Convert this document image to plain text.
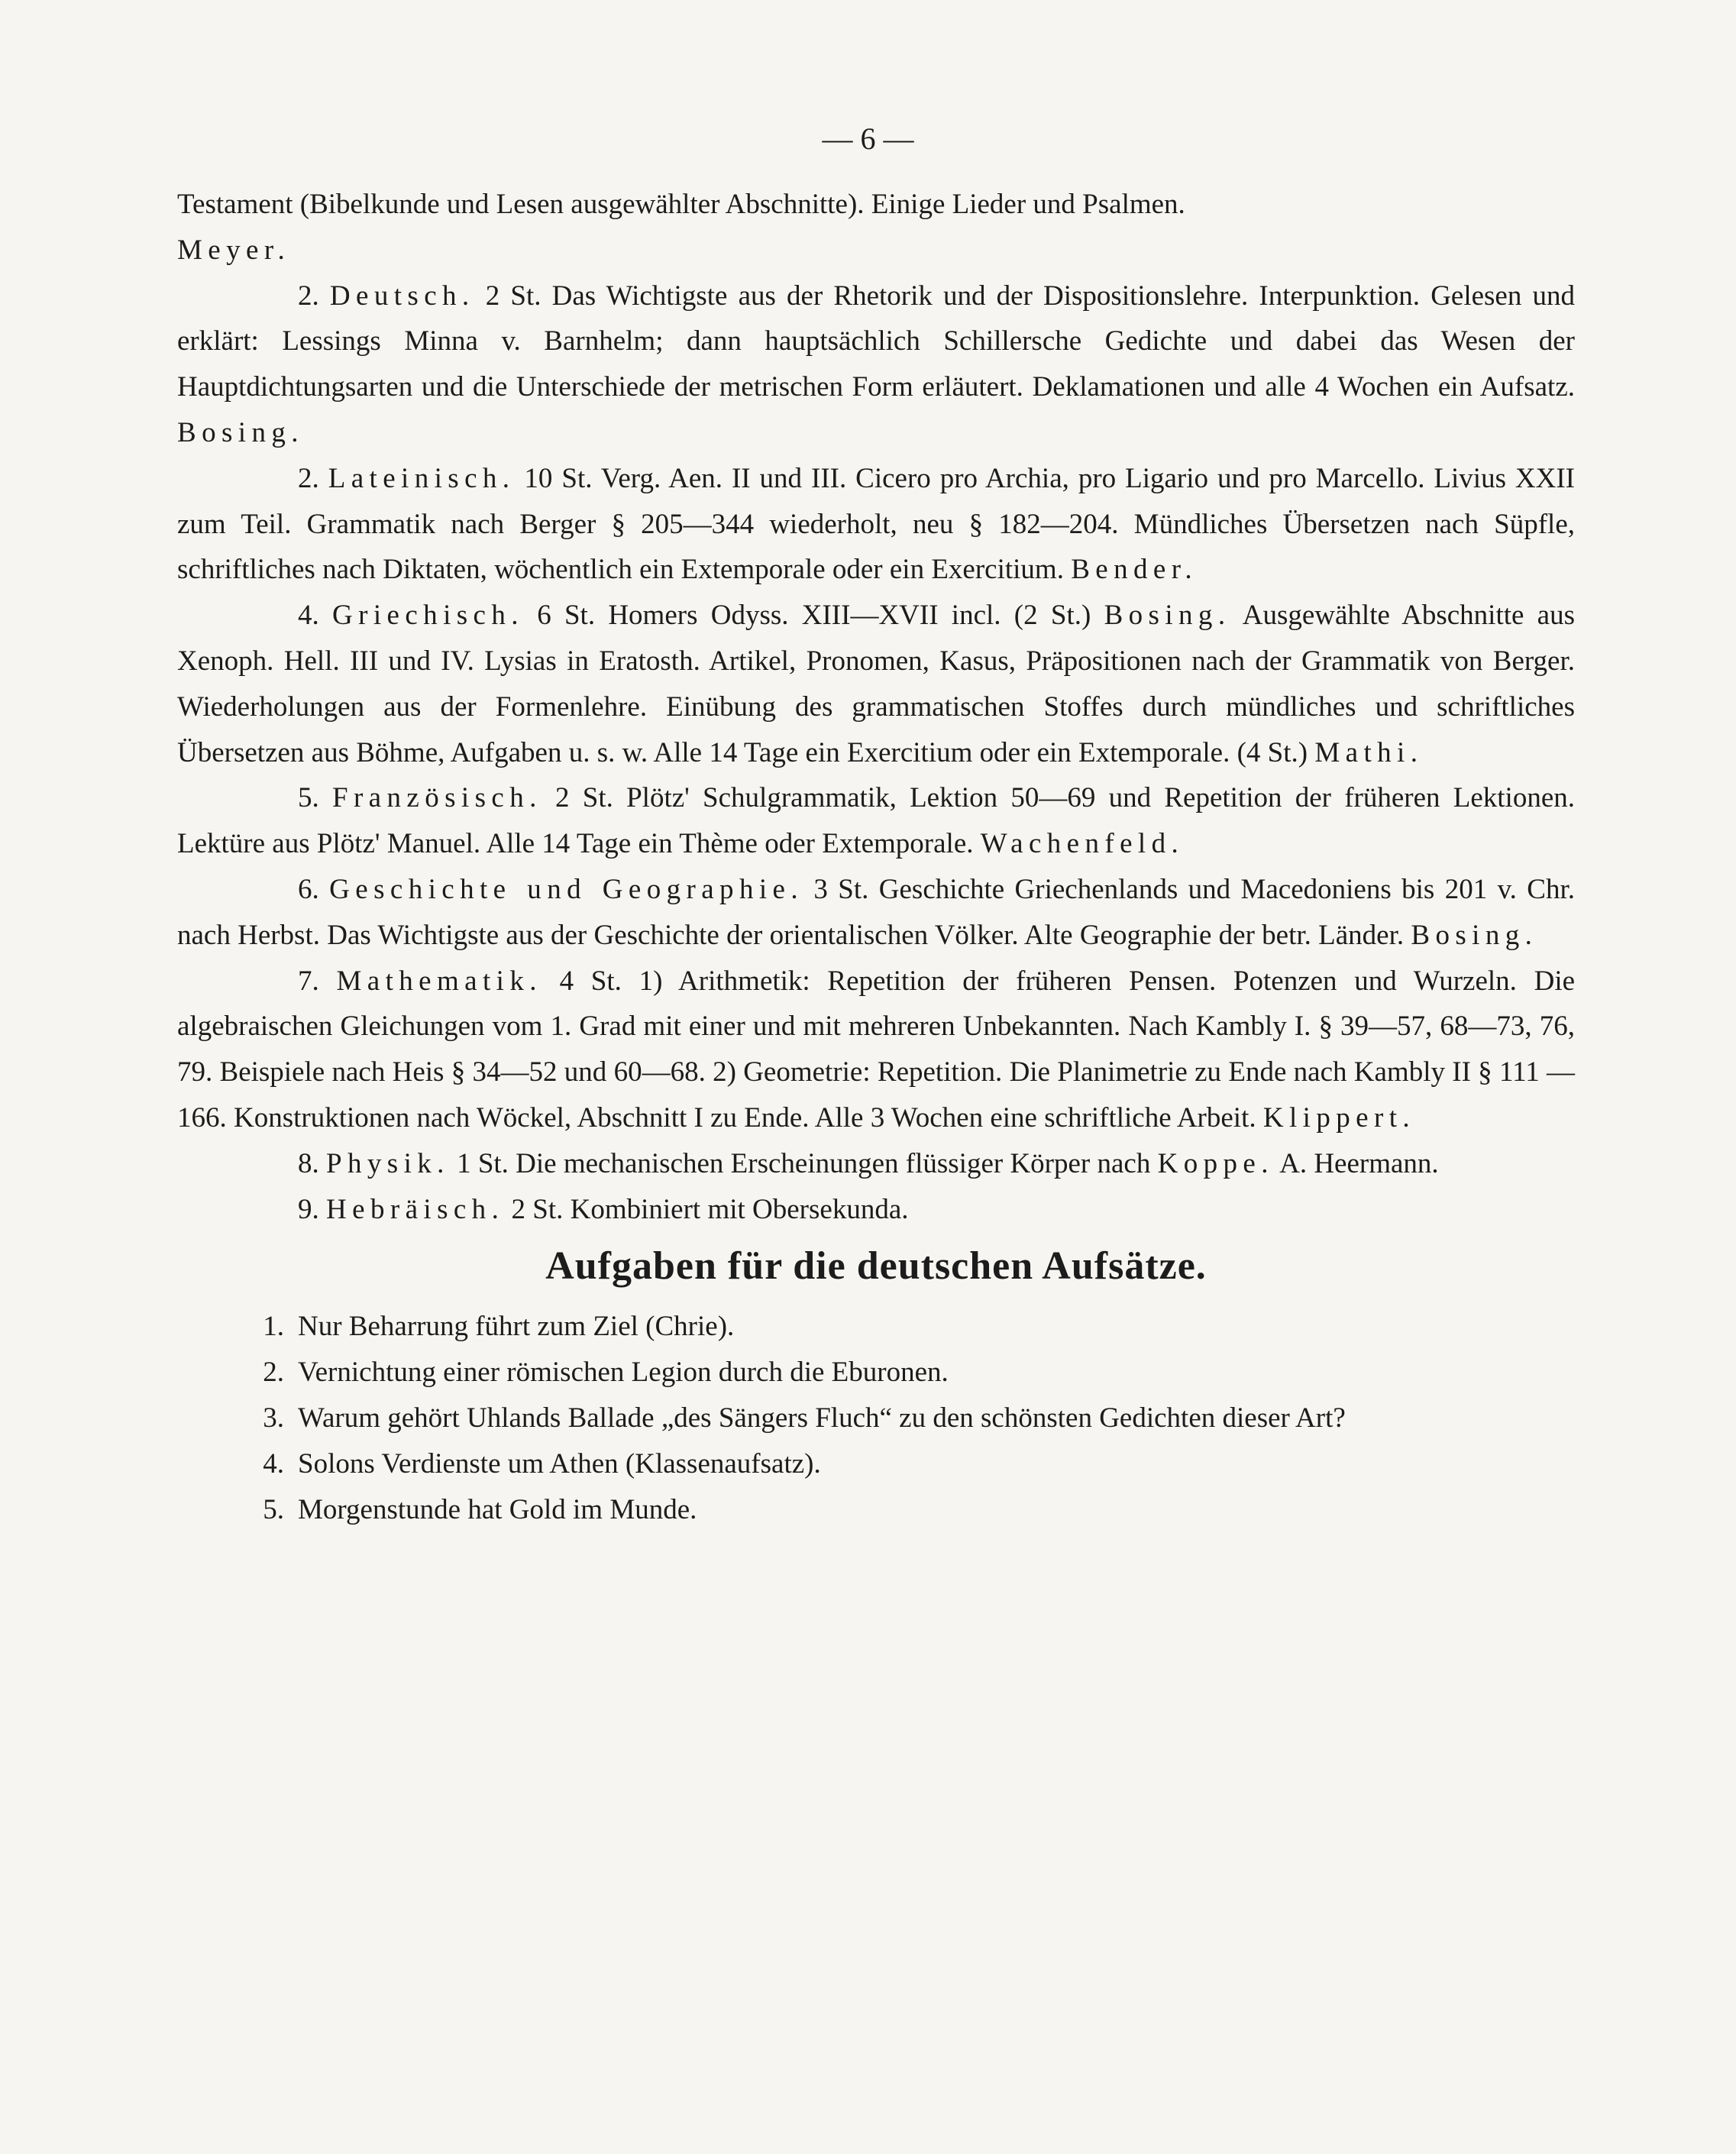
— 6 —

Testament (Bibelkunde und Lesen ausgewählter Abschnitte). Einige Lieder und Psalmen.
Meyer.

2. Deutsch. 2 St. Das Wichtigste aus der Rhetorik und der Dispositionslehre. Interpunktion. Gelesen und erklärt: Lessings Minna v. Barnhelm; dann hauptsächlich Schillersche Gedichte und dabei das Wesen der Hauptdichtungsarten und die Unterschiede der metrischen Form erläutert. Deklamationen und alle 4 Wochen ein Aufsatz. Bosing.

2. Lateinisch. 10 St. Verg. Aen. II und III. Cicero pro Archia, pro Ligario und pro Marcello. Livius XXII zum Teil. Grammatik nach Berger § 205—344 wiederholt, neu § 182—204. Mündliches Übersetzen nach Süpfle, schriftliches nach Diktaten, wöchentlich ein Extemporale oder ein Exercitium. Bender.

4. Griechisch. 6 St. Homers Odyss. XIII—XVII incl. (2 St.) Bosing. Ausgewählte Abschnitte aus Xenoph. Hell. III und IV. Lysias in Eratosth. Artikel, Pronomen, Kasus, Präpositionen nach der Grammatik von Berger. Wiederholungen aus der Formenlehre. Einübung des grammatischen Stoffes durch mündliches und schriftliches Übersetzen aus Böhme, Aufgaben u. s. w. Alle 14 Tage ein Exercitium oder ein Extemporale. (4 St.) Mathi.

5. Französisch. 2 St. Plötz' Schulgrammatik, Lektion 50—69 und Repetition der früheren Lektionen. Lektüre aus Plötz' Manuel. Alle 14 Tage ein Thème oder Extemporale. Wachenfeld.

6. Geschichte und Geographie. 3 St. Geschichte Griechenlands und Macedoniens bis 201 v. Chr. nach Herbst. Das Wichtigste aus der Geschichte der orientalischen Völker. Alte Geographie der betr. Länder. Bosing.

7. Mathematik. 4 St. 1) Arithmetik: Repetition der früheren Pensen. Potenzen und Wurzeln. Die algebraischen Gleichungen vom 1. Grad mit einer und mit mehreren Unbekannten. Nach Kambly I. § 39—57, 68—73, 76, 79. Beispiele nach Heis § 34—52 und 60—68. 2) Geometrie: Repetition. Die Planimetrie zu Ende nach Kambly II § 111 — 166. Konstruktionen nach Wöckel, Abschnitt I zu Ende. Alle 3 Wochen eine schriftliche Arbeit. Klippert.

8. Physik. 1 St. Die mechanischen Erscheinungen flüssiger Körper nach Koppe. A. Heermann.

9. Hebräisch. 2 St. Kombiniert mit Obersekunda.

Aufgaben für die deutschen Aufsätze.
1. Nur Beharrung führt zum Ziel (Chrie).
2. Vernichtung einer römischen Legion durch die Eburonen.
3. Warum gehört Uhlands Ballade „des Sängers Fluch“ zu den schönsten Gedichten dieser Art?
4. Solons Verdienste um Athen (Klassenaufsatz).
5. Morgenstunde hat Gold im Munde.
